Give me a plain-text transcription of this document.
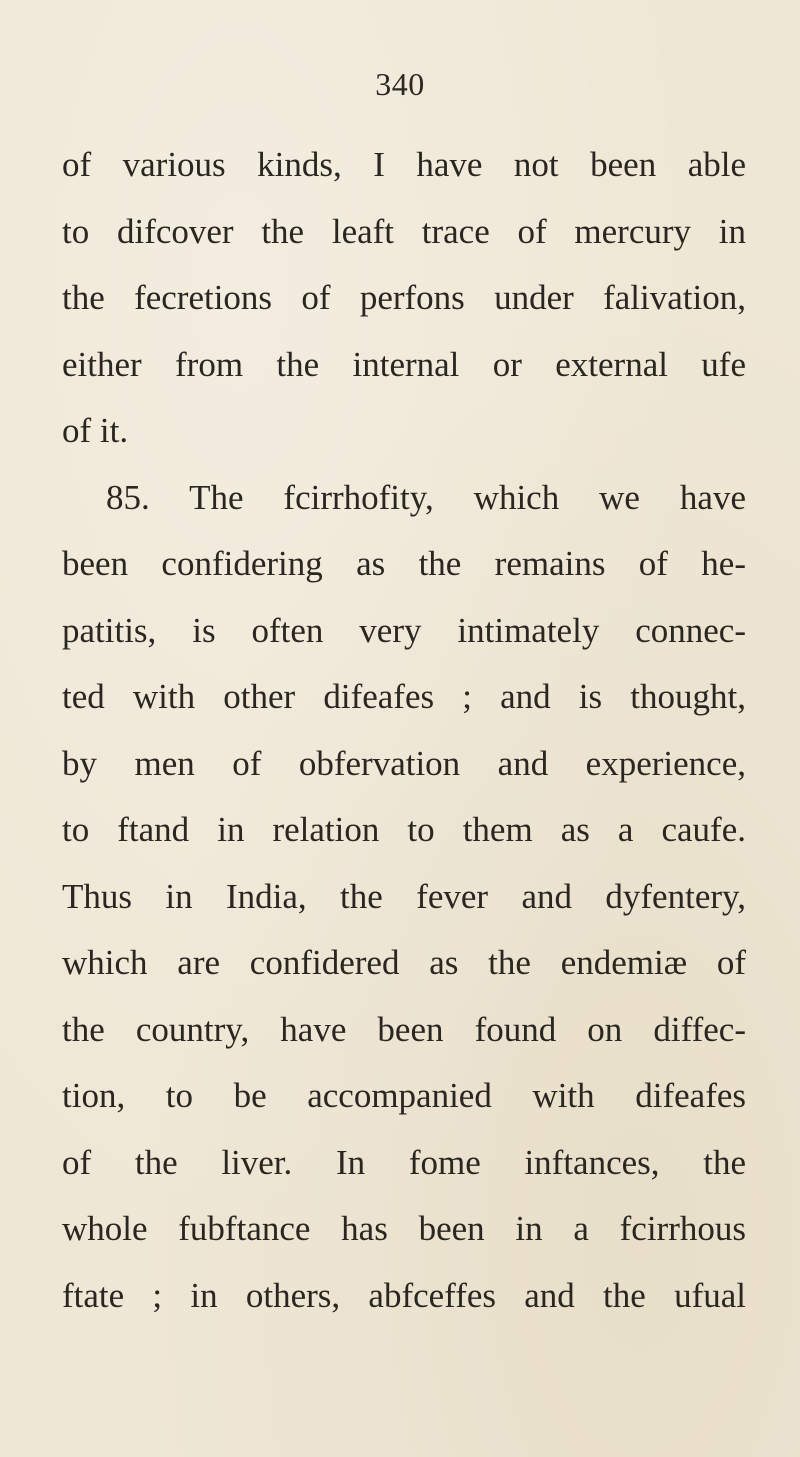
340
of various kinds, I have not been able
to difcover the leaft trace of mercury in
the fecretions of perfons under falivation,
either from the internal or external ufe
of it.
85. The fcirrhofity, which we have
been confidering as the remains of he-
patitis, is often very intimately connec-
ted with other difeafes ; and is thought,
by men of obfervation and experience,
to ftand in relation to them as a caufe.
Thus in India, the fever and dyfentery,
which are confidered as the endemiæ of
the country, have been found on diffec-
tion, to be accompanied with difeafes
of the liver. In fome inftances, the
whole fubftance has been in a fcirrhous
ftate ; in others, abfceffes and the ufual
